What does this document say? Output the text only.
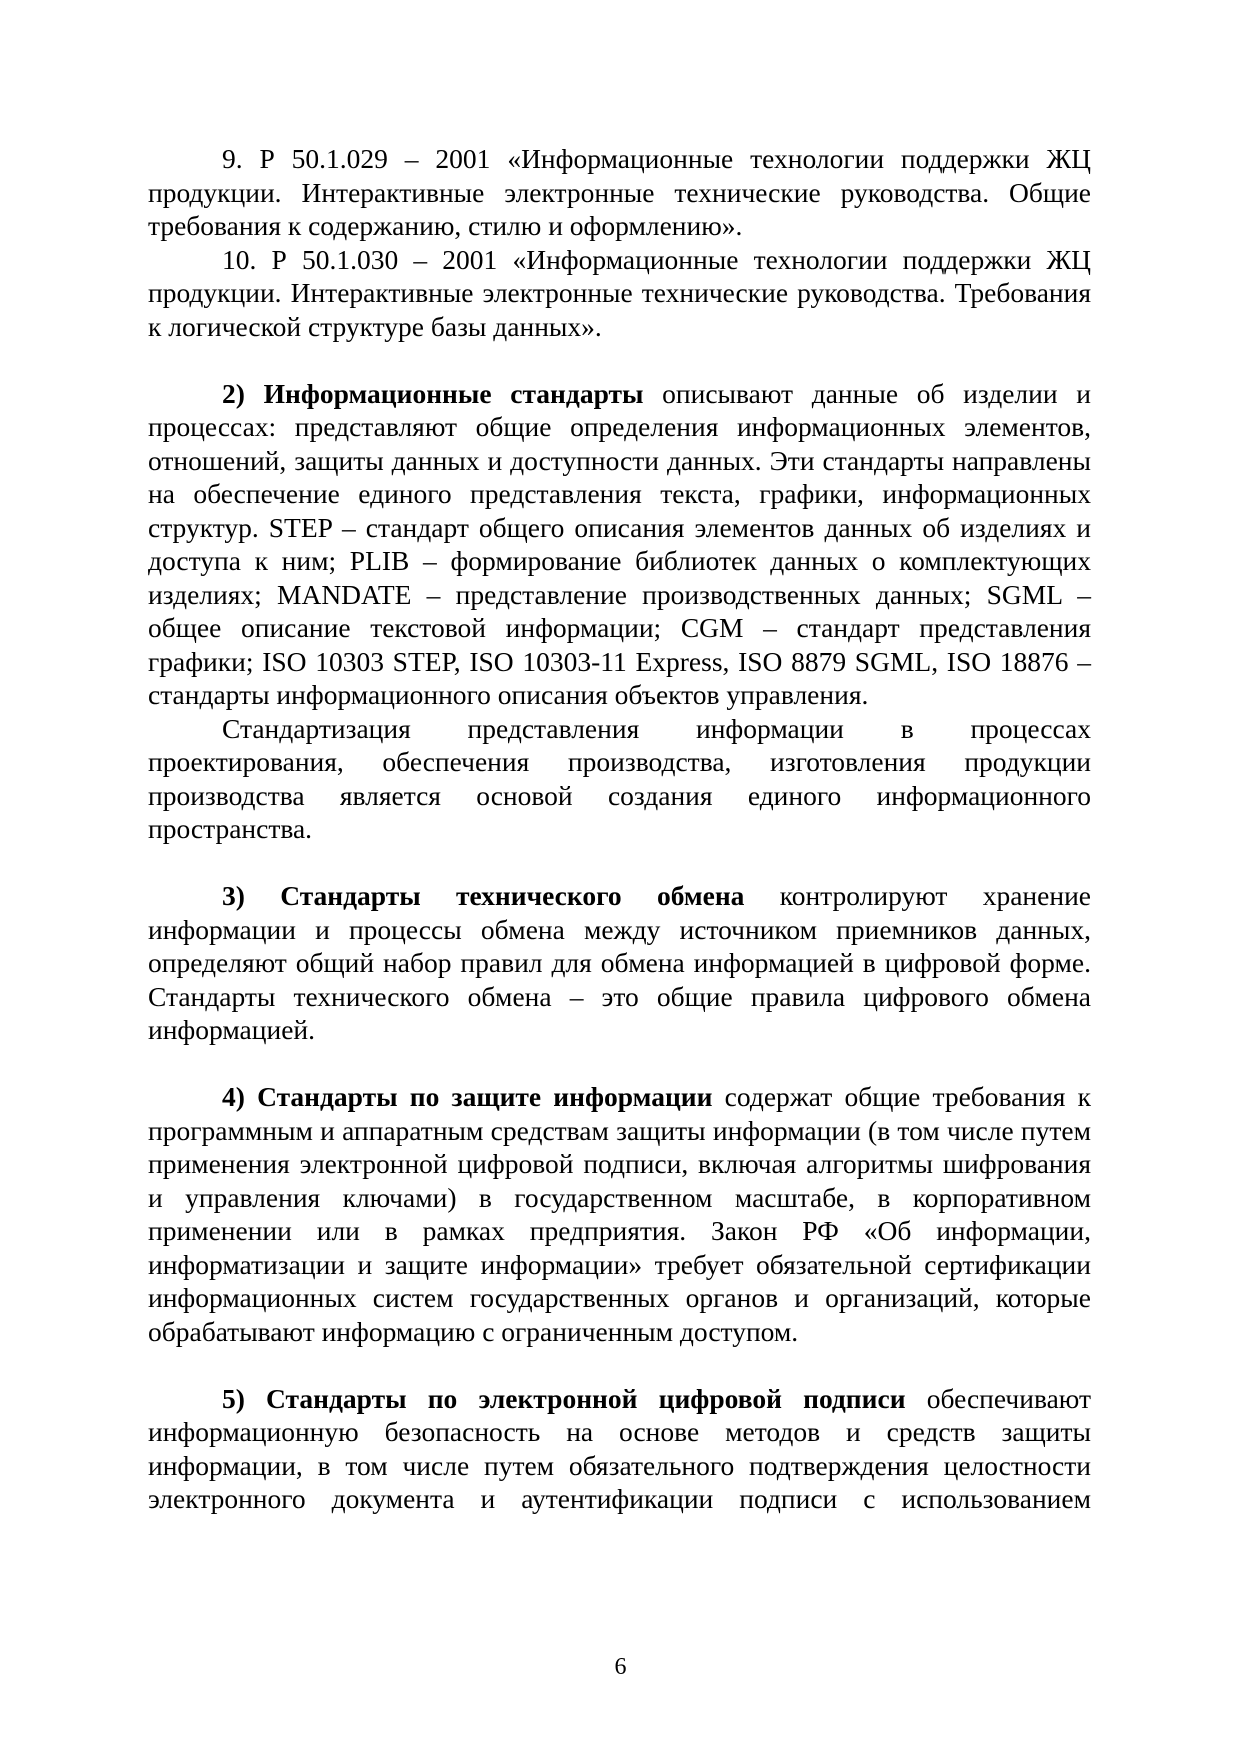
9. Р 50.1.029 – 2001 «Информационные технологии поддержки ЖЦ продукции. Интерактивные электронные технические руководства. Общие требования к содержанию, стилю и оформлению».

10. Р 50.1.030 – 2001 «Информационные технологии поддержки ЖЦ продукции. Интерактивные электронные технические руководства. Требования к логической структуре базы данных».

2) Информационные стандарты описывают данные об изделии и процессах: представляют общие определения информационных элементов, отношений, защиты данных и доступности данных. Эти стандарты направлены на обеспечение единого представления текста, графики, информационных структур. STEP – стандарт общего описания элементов данных об изделиях и доступа к ним; PLIB – формирование библиотек данных о комплектующих изделиях; MANDATE – представление производственных данных; SGML – общее описание текстовой информации; CGM – стандарт представления графики; ISO 10303 STEP, ISO 10303-11 Express, ISO 8879 SGML, ISO 18876 – стандарты информационного описания объектов управления.

Стандартизация представления информации в процессах проектирования, обеспечения производства, изготовления продукции производства является основой создания единого информационного пространства.

3) Стандарты технического обмена контролируют хранение информации и процессы обмена между источником приемников данных, определяют общий набор правил для обмена информацией в цифровой форме. Стандарты технического обмена – это общие правила цифрового обмена информацией.

4) Стандарты по защите информации содержат общие требования к программным и аппаратным средствам защиты информации (в том числе путем применения электронной цифровой подписи, включая алгоритмы шифрования и управления ключами) в государственном масштабе, в корпоративном применении или в рамках предприятия. Закон РФ «Об информации, информатизации и защите информации» требует обязательной сертификации информационных систем государственных органов и организаций, которые обрабатывают информацию с ограниченным доступом.

5) Стандарты по электронной цифровой подписи обеспечивают информационную безопасность на основе методов и средств защиты информации, в том числе путем обязательного подтверждения целостности электронного документа и аутентификации подписи с использованием

6
